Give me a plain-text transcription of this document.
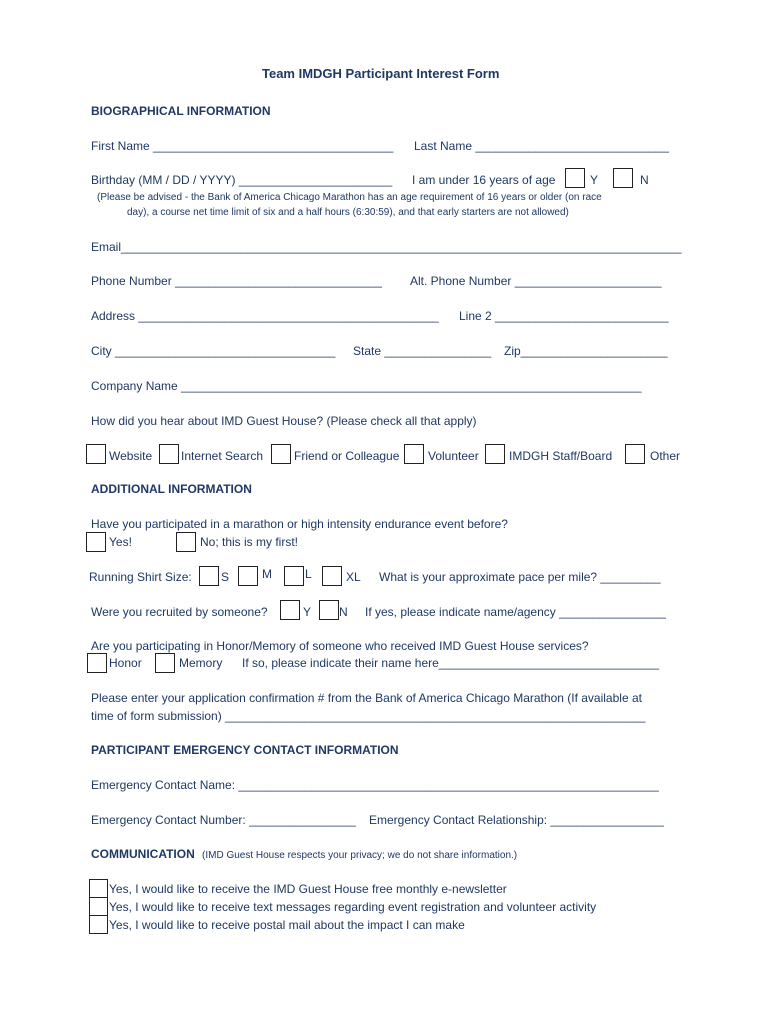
Team IMDGH Participant Interest Form
BIOGRAPHICAL INFORMATION
First Name ____________________________________ Last Name _____________________________
Birthday (MM / DD / YYYY) _______________________ I am under 16 years of age	Y	N
(Please be advised - the Bank of America Chicago Marathon has an age requirement of 16 years or older (on race
day), a course net time limit of six and a half hours (6:30:59), and that early starters are not allowed)
Email____________________________________________________________________________________
Phone Number _______________________________ Alt. Phone Number ______________________
Address _____________________________________________ Line 2 __________________________
City _________________________________ State ________________ Zip______________________
Company Name _____________________________________________________________________
How did you hear about IMD Guest House? (Please check all that apply)
Website Internet Search	Friend or Colleague Volunteer	IMDGH Staff/Board	Other
ADDITIONAL INFORMATION
Have you participated in a marathon or high intensity endurance event before?
Yes!	No; this is my first!
Running Shirt Size: S	M	L	XL What is your approximate pace per mile? _________
Were you recruited by someone?	Y N If yes, please indicate name/agency ________________
Are you participating in Honor/Memory of someone who received IMD Guest House services?
Honor	Memory If so, please indicate their name here_________________________________
Please enter your application confirmation # from the Bank of America Chicago Marathon (If available at
time of form submission) _______________________________________________________________
PARTICIPANT EMERGENCY CONTACT INFORMATION
Emergency Contact Name: _______________________________________________________________
Emergency Contact Number: ________________ Emergency Contact Relationship: _________________
COMMUNICATION (IMD Guest House respects your privacy; we do not share information.)
Yes, I would like to receive the IMD Guest House free monthly e-newsletter
Yes, I would like to receive text messages regarding event registration and volunteer activity
Yes, I would like to receive postal mail about the impact I can make
